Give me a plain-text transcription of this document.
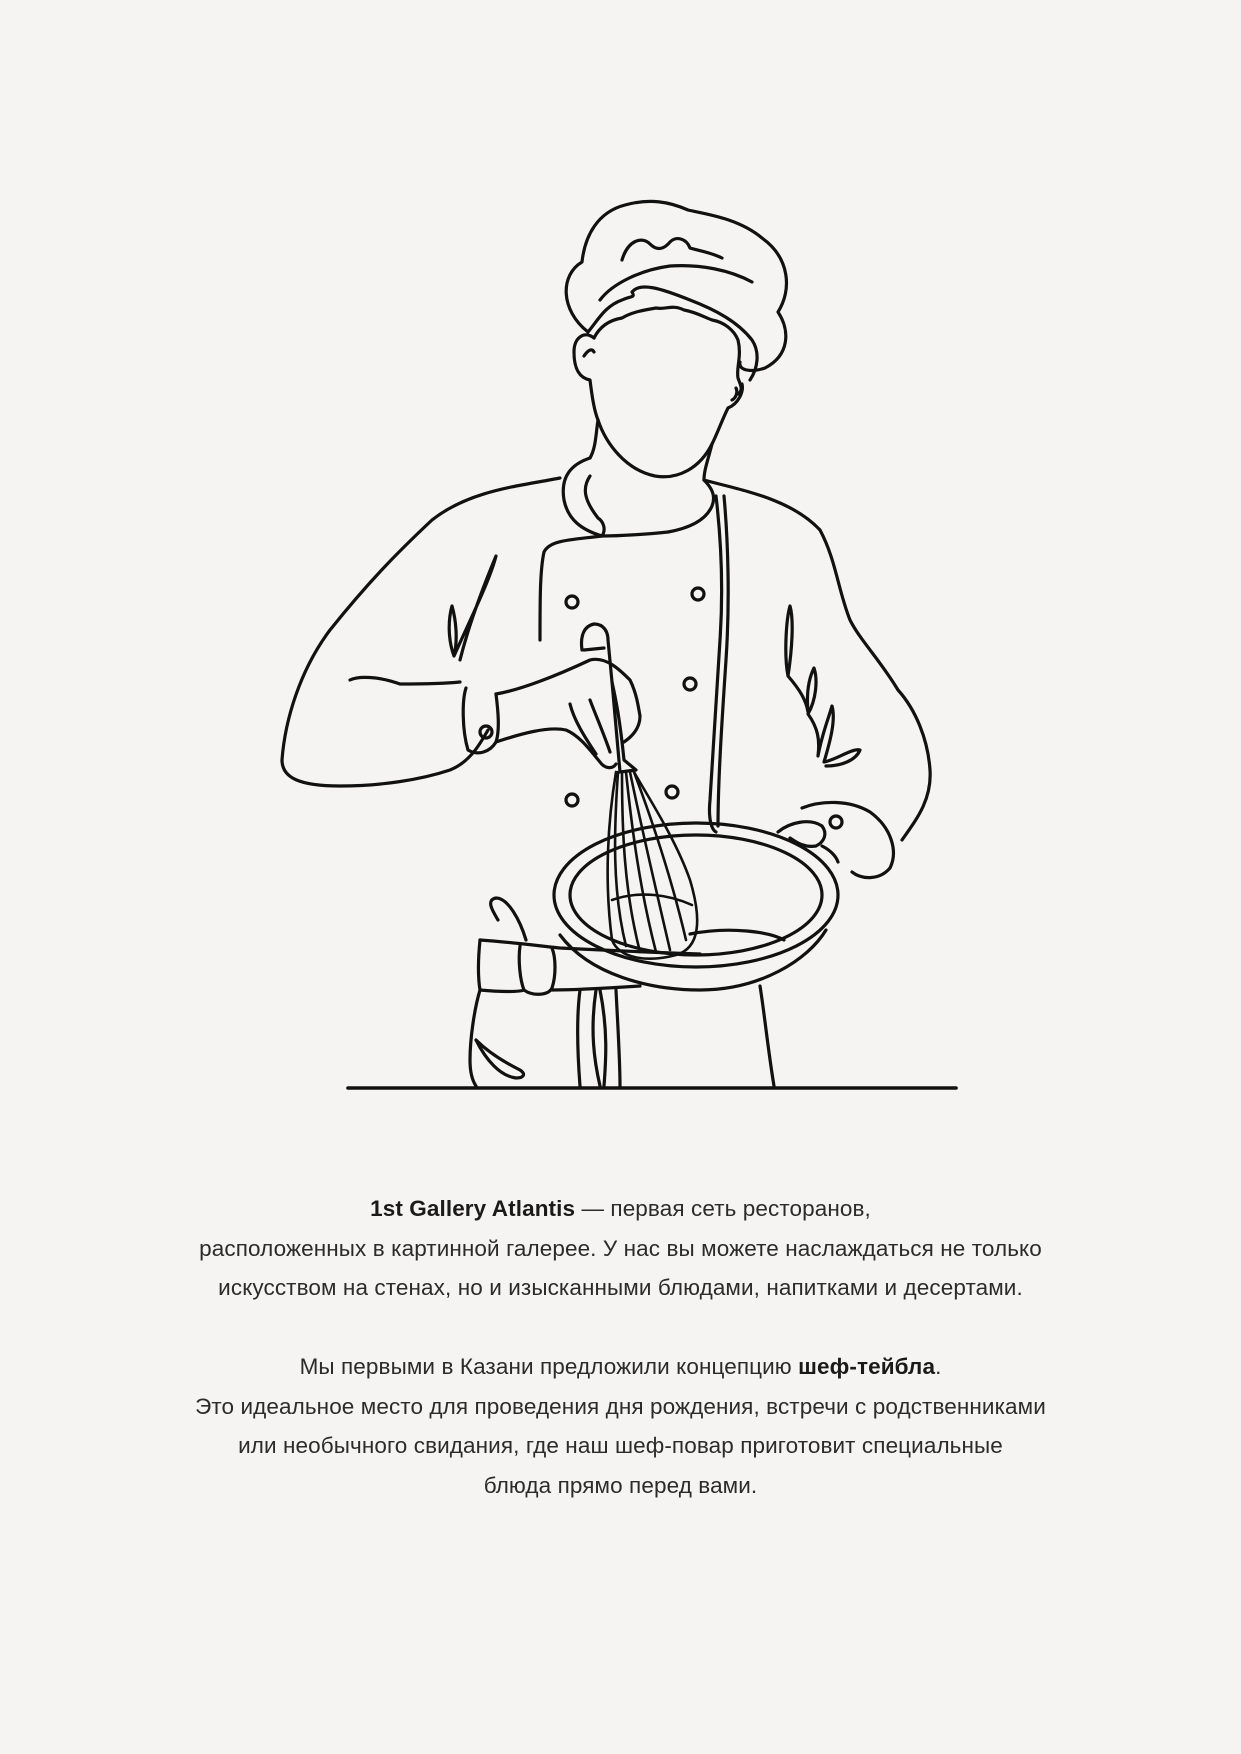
1st Gallery Atlantis — первая сеть ресторанов,
расположенных в картинной галерее. У нас вы можете наслаждаться не только
искусством на стенах, но и изысканными блюдами, напитками и десертами.
Мы первыми в Казани предложили концепцию шеф-тейбла.
Это идеальное место для проведения дня рождения, встречи с родственниками
или необычного свидания, где наш шеф-повар приготовит специальные
блюда прямо перед вами.
